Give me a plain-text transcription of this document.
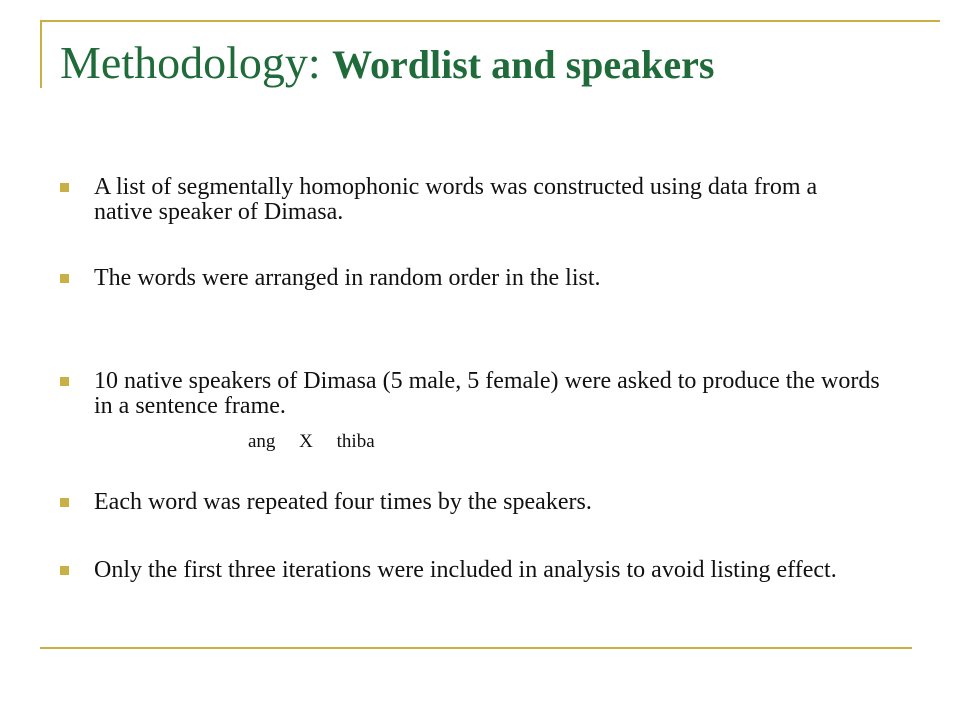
Methodology: Wordlist and speakers
A list of segmentally homophonic words was constructed using data from a native speaker of Dimasa.
The words were arranged in random order in the list.
10 native speakers of Dimasa (5 male, 5 female) were asked to produce the words in a sentence frame.
ang     X     thiba
Each word was repeated four times by the speakers.
Only the first three iterations were included in analysis to avoid listing effect.
